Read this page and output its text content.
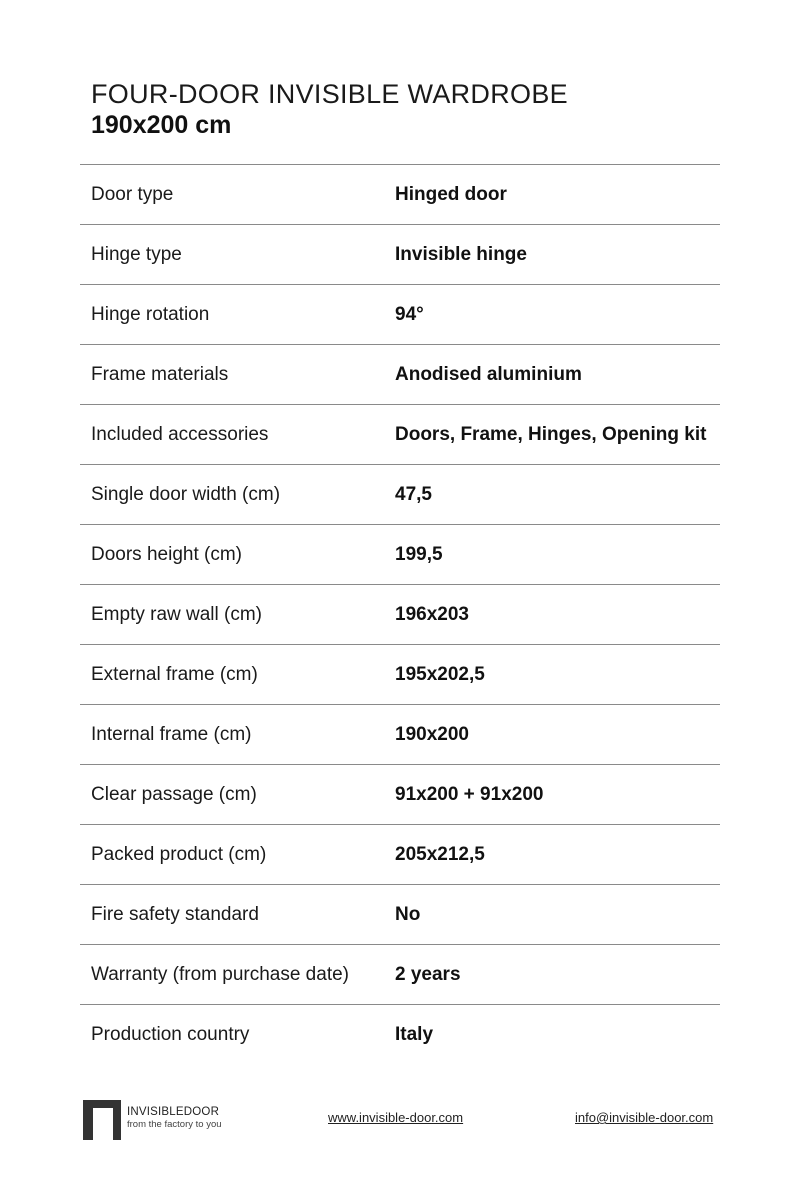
FOUR-DOOR INVISIBLE WARDROBE
190x200 cm
Door type	Hinged door
Hinge type	Invisible hinge
Hinge rotation	94°
Frame materials	Anodised aluminium
Included accessories	Doors, Frame, Hinges, Opening kit
Single door width (cm)	47,5
Doors height (cm)	199,5
Empty raw wall (cm)	196x203
External frame (cm)	195x202,5
Internal frame (cm)	190x200
Clear passage (cm)	91x200 + 91x200
Packed product (cm)	205x212,5
Fire safety standard	No
Warranty (from purchase date)	2 years
Production country	Italy
INVISIBLEDOOR
from the factory to you	www.invisible-door.com	info@invisible-door.com
